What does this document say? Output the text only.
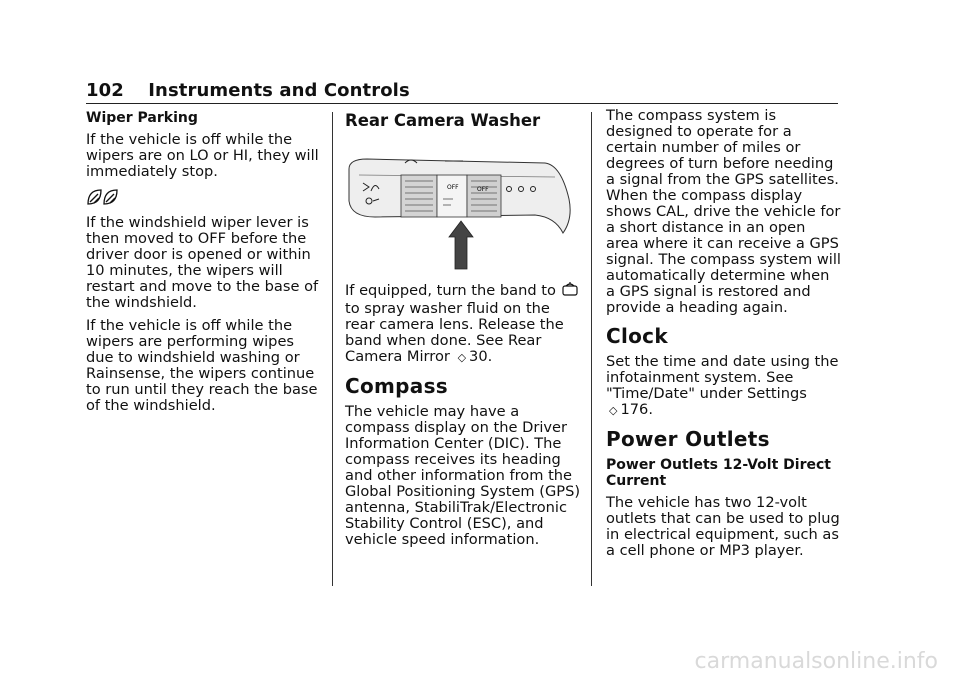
102 Instruments and Controls
Wiper Parking

If the vehicle is off while the wipers are on LO or HI, they will immediately stop.

If the windshield wiper lever is then moved to OFF before the driver door is opened or within 10 minutes, the wipers will restart and move to the base of the windshield.

If the vehicle is off while the wipers are performing wipes due to windshield washing or Rainsense, the wipers continue to run until they reach the base of the windshield.

Rear Camera Washer
OFF	OFF

If equipped, turn the band to  to spray washer fluid on the rear camera lens. Release the band when done. See Rear Camera Mirror ◇ 30.

Compass

The vehicle may have a compass display on the Driver Information Center (DIC). The compass receives its heading and other information from the Global Positioning System (GPS) antenna, StabiliTrak/Electronic Stability Control (ESC), and vehicle speed information.

The compass system is designed to operate for a certain number of miles or degrees of turn before needing a signal from the GPS satellites. When the compass display shows CAL, drive the vehicle for a short distance in an open area where it can receive a GPS signal. The compass system will automatically determine when a GPS signal is restored and provide a heading again.

Clock

Set the time and date using the infotainment system. See "Time/Date" under Settings
◇ 176.

Power Outlets
Power Outlets 12-Volt Direct Current

The vehicle has two 12-volt outlets that can be used to plug in electrical equipment, such as a cell phone or MP3 player.

carmanualsonline.info
